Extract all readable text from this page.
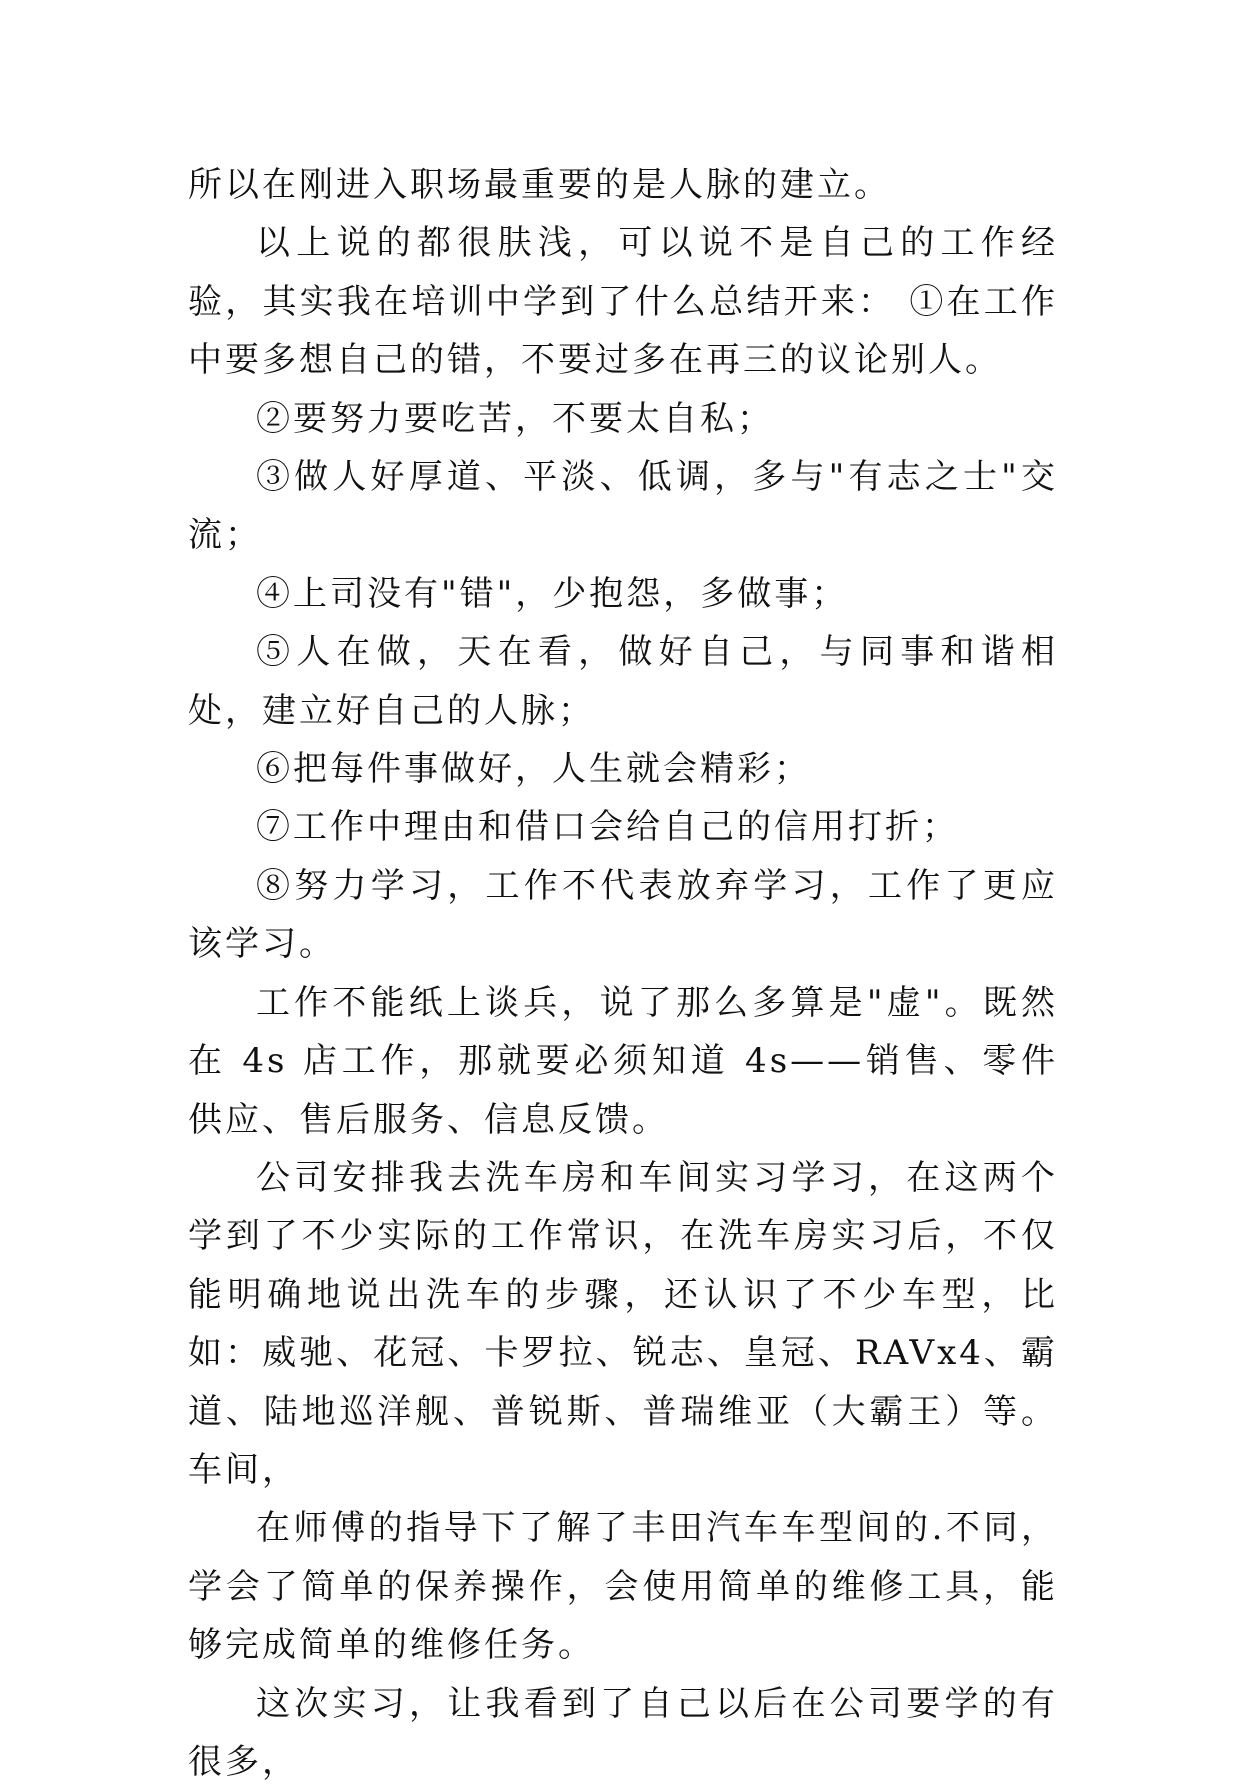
所以在刚进入职场最重要的是人脉的建立。

以上说的都很肤浅，可以说不是自己的工作经验，其实我在培训中学到了什么总结开来： ①在工作中要多想自己的错，不要过多在再三的议论别人。

②要努力要吃苦，不要太自私；

③做人好厚道、平淡、低调，多与"有志之士"交流；

④上司没有"错"，少抱怨，多做事；

⑤人在做，天在看，做好自己，与同事和谐相处，建立好自己的人脉；

⑥把每件事做好，人生就会精彩；

⑦工作中理由和借口会给自己的信用打折；

⑧努力学习，工作不代表放弃学习，工作了更应该学习。

工作不能纸上谈兵，说了那么多算是"虚"。既然在 4s 店工作，那就要必须知道 4s——销售、零件供应、售后服务、信息反馈。

公司安排我去洗车房和车间实习学习，在这两个学到了不少实际的工作常识，在洗车房实习后，不仅能明确地说出洗车的步骤，还认识了不少车型，比如：威驰、花冠、卡罗拉、锐志、皇冠、RAVx4、霸道、陆地巡洋舰、普锐斯、普瑞维亚（大霸王）等。车间，

在师傅的指导下了解了丰田汽车车型间的.不同，学会了简单的保养操作，会使用简单的维修工具，能够完成简单的维修任务。

这次实习，让我看到了自己以后在公司要学的有很多，
